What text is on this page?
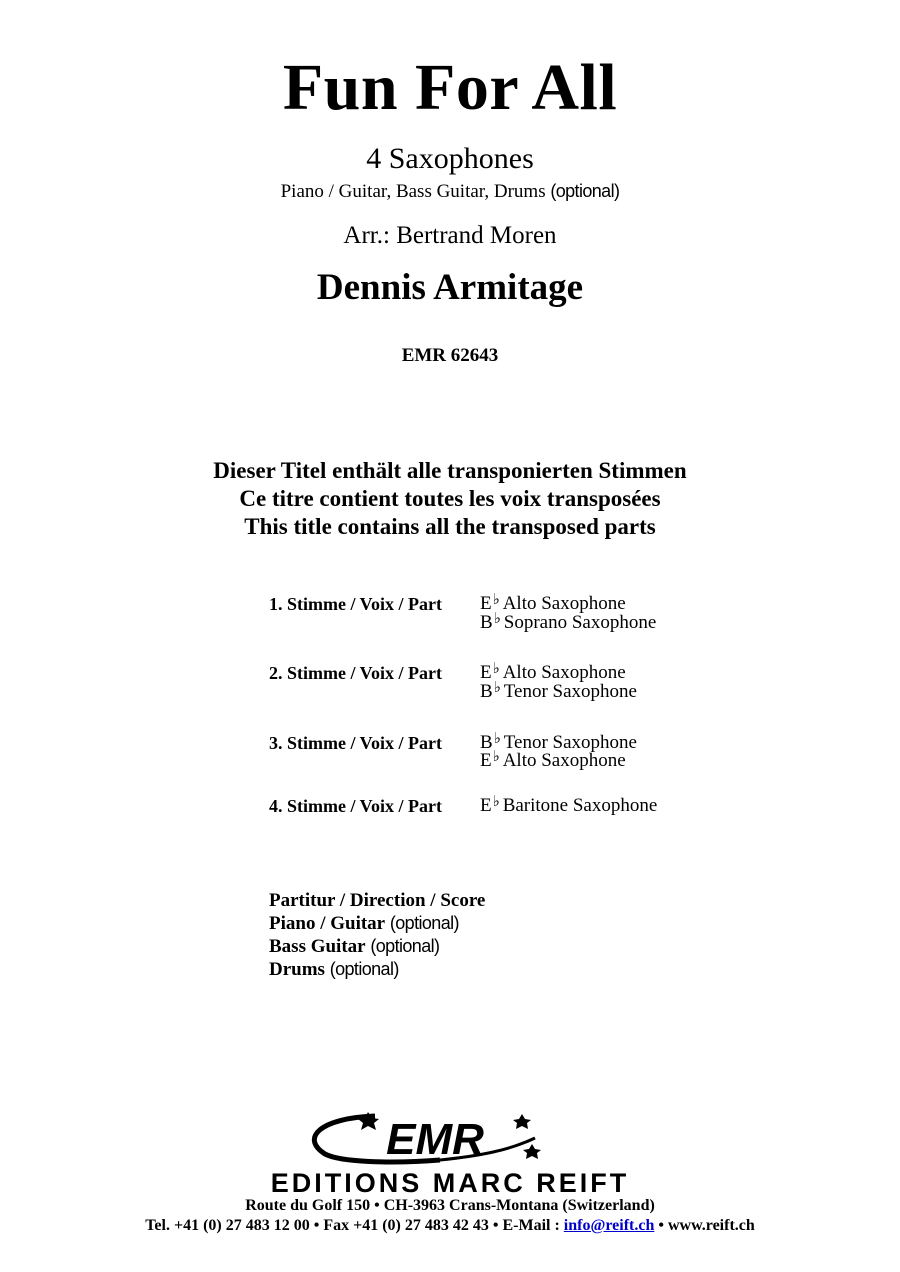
Fun For All
4 Saxophones
Piano / Guitar, Bass Guitar, Drums (optional)
Arr.: Bertrand Moren
Dennis Armitage
EMR 62643
Dieser Titel enthält alle transponierten Stimmen
Ce titre contient toutes les voix transposées
This title contains all the transposed parts
1. Stimme / Voix / Part E♭ Alto Saxophone
B♭ Soprano Saxophone
2. Stimme / Voix / Part E♭ Alto Saxophone
B♭ Tenor Saxophone
3. Stimme / Voix / Part B♭ Tenor Saxophone
E♭ Alto Saxophone
4. Stimme / Voix / Part E♭ Baritone Saxophone
Partitur / Direction / Score
Piano / Guitar (optional)
Bass Guitar (optional)
Drums (optional)
EMR
EDITIONS MARC REIFT
Route du Golf 150 • CH-3963 Crans-Montana (Switzerland)
Tel. +41 (0) 27 483 12 00 • Fax +41 (0) 27 483 42 43 • E-Mail : info@reift.ch • www.reift.ch
